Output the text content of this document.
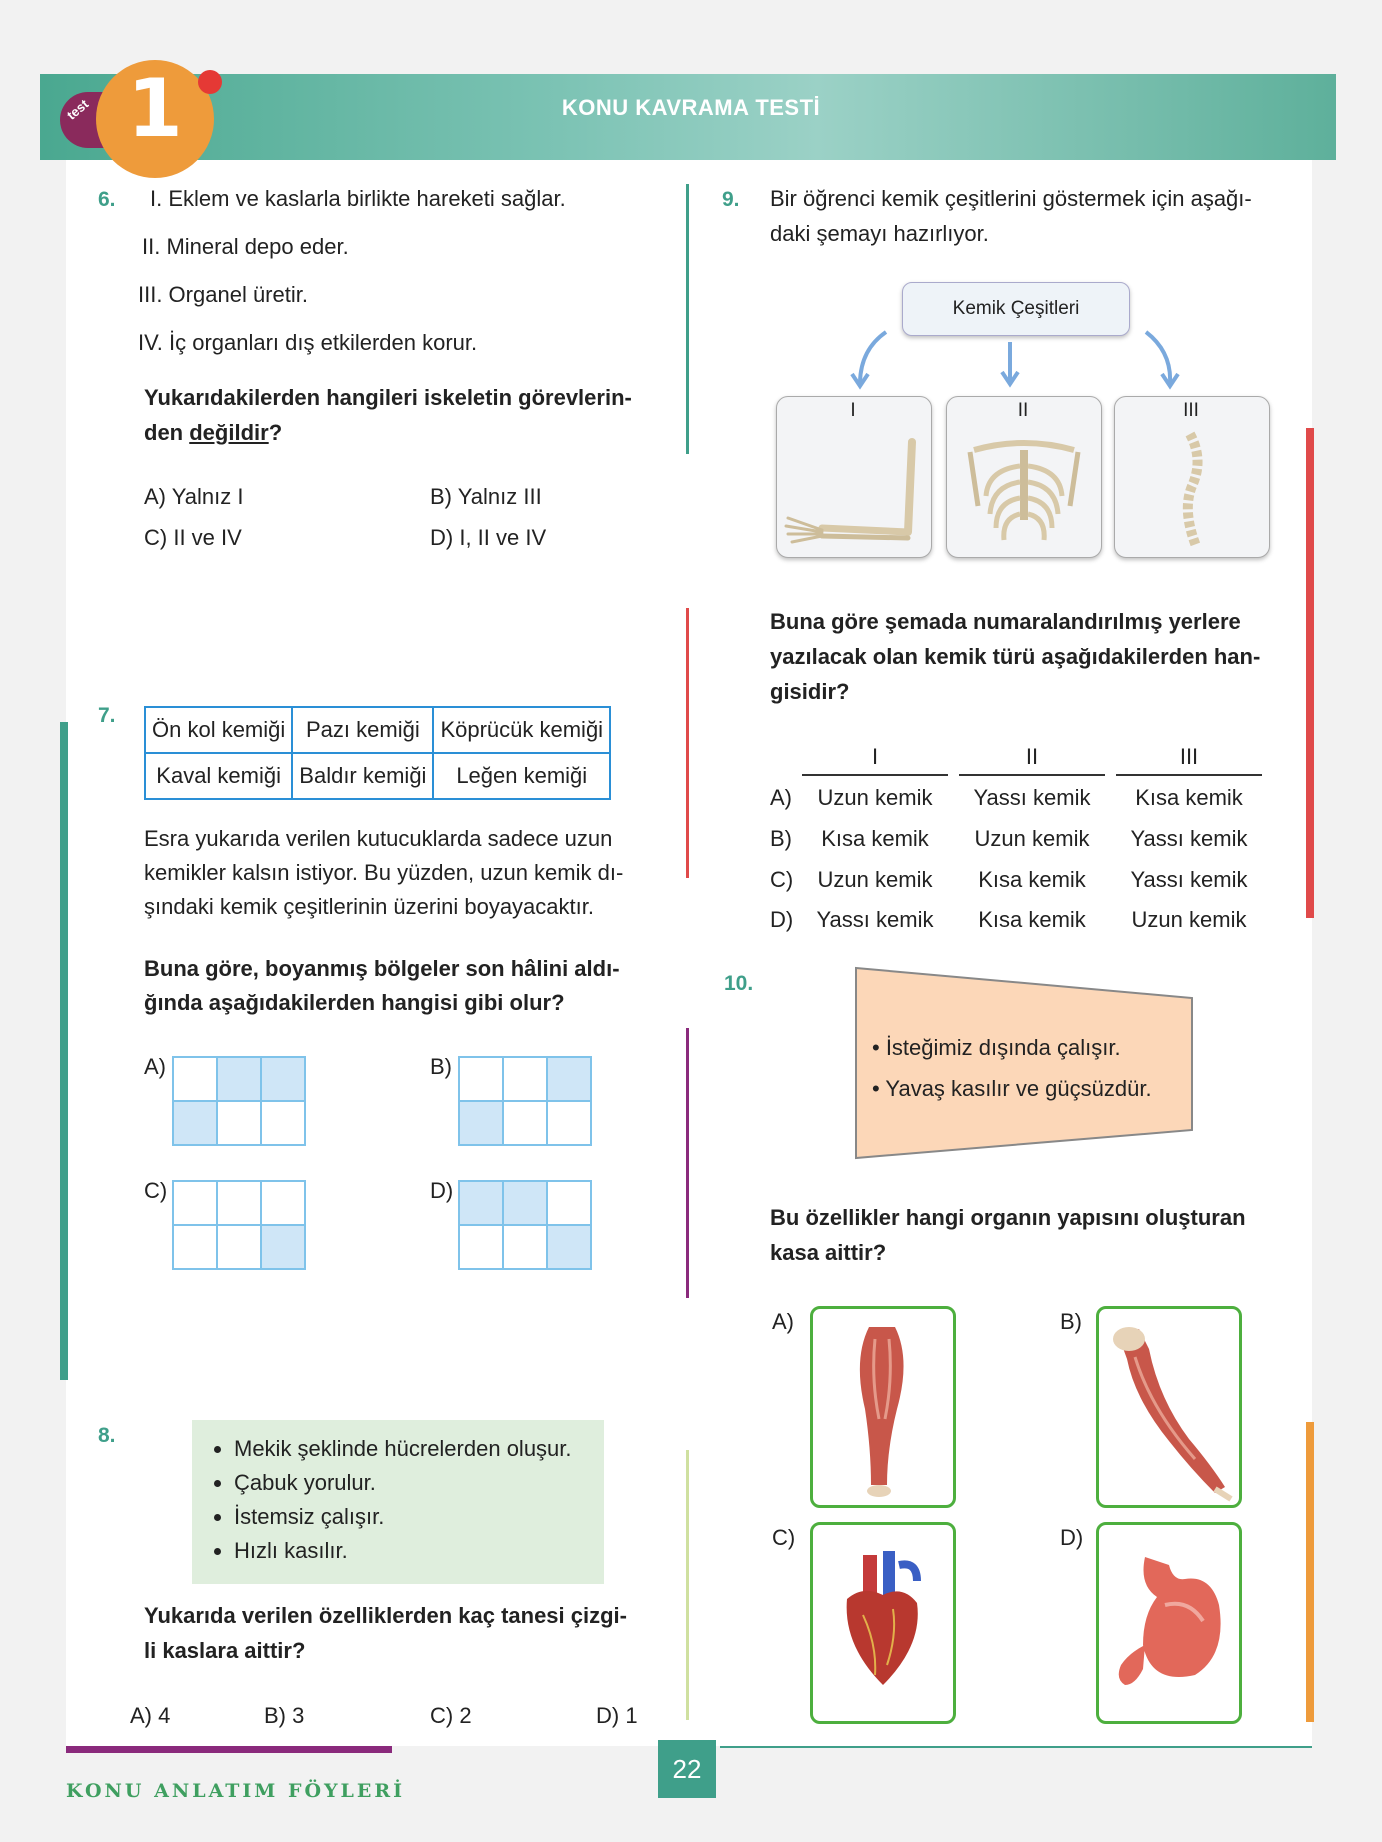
KONU KAVRAMA TESTİ
test 1
6. I. Eklem ve kaslarla birlikte hareketi sağlar.
II. Mineral depo eder.
III. Organel üretir.
IV. İç organları dış etkilerden korur.
Yukarıdakilerden hangileri iskeletin görevlerin-
den değildir?
A) Yalnız I	B) Yalnız III
C) II ve IV	D) I, II ve IV
7.
Ön kol kemiği	Pazı kemiği	Köprücük kemiği
Kaval kemiği	Baldır kemiği	Leğen kemiği
Esra yukarıda verilen kutucuklarda sadece uzun
kemikler kalsın istiyor. Bu yüzden, uzun kemik dı-
şındaki kemik çeşitlerinin üzerini boyayacaktır.
Buna göre, boyanmış bölgeler son hâlini aldı-
ğında aşağıdakilerden hangisi gibi olur?
A)

			B)

C)

			D)

8.
• Mekik şeklinde hücrelerden oluşur.
• Çabuk yorulur.
• İstemsiz çalışır.
• Hızlı kasılır.
Yukarıda verilen özelliklerden kaç tanesi çizgi-
li kaslara aittir?
A) 4	B) 3	C) 2	D) 1
9. Bir öğrenci kemik çeşitlerini göstermek için aşağı-
daki şemayı hazırlıyor.
Kemik Çeşitleri
I	II	III
Buna göre şemada numaralandırılmış yerlere
yazılacak olan kemik türü aşağıdakilerden han-
gisidir?
I	II	III
A)	Uzun kemik	Yassı kemik	Kısa kemik
B)	Kısa kemik	Uzun kemik	Yassı kemik
C)	Uzun kemik	Kısa kemik	Yassı kemik
D)	Yassı kemik	Kısa kemik	Uzun kemik
10.
• İsteğimiz dışında çalışır.
• Yavaş kasılır ve güçsüzdür.
Bu özellikler hangi organın yapısını oluşturan
kasa aittir?
A)	B)
C)	D)
KONU ANLATIM FÖYLERİ
22
